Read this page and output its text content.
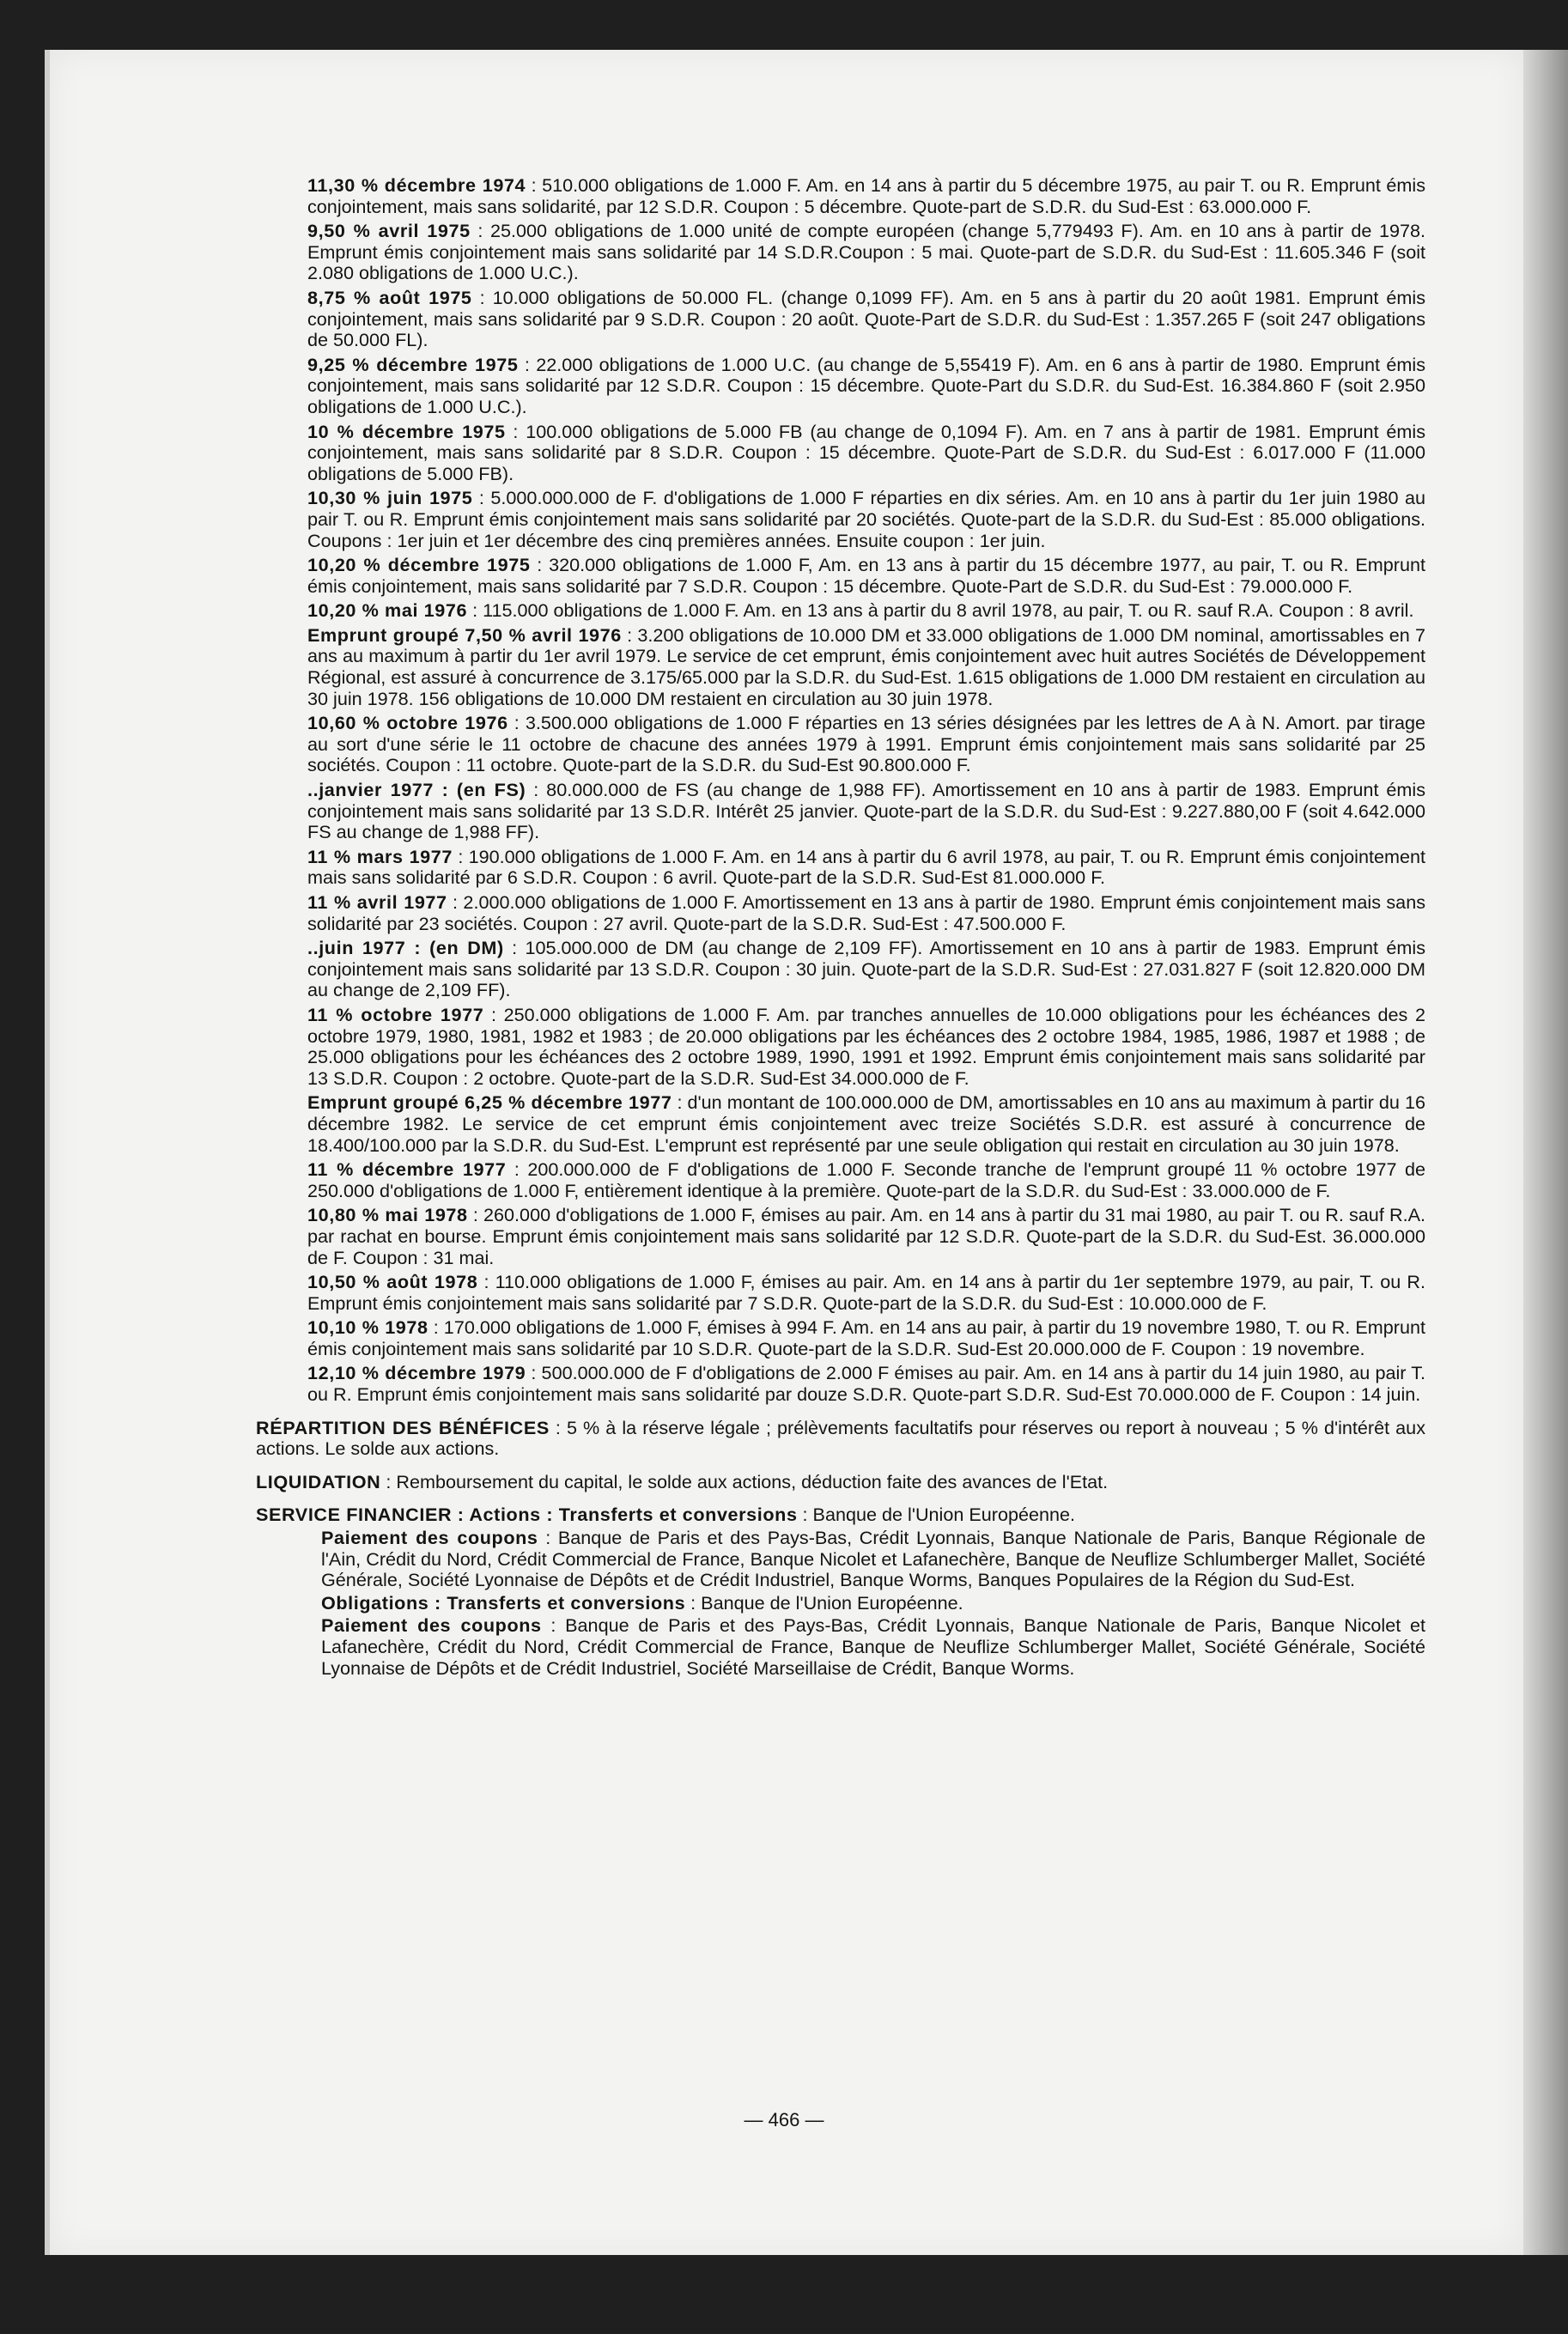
11,30 % décembre 1974 : 510.000 obligations de 1.000 F. Am. en 14 ans à partir du 5 décembre 1975, au pair T. ou R. Emprunt émis conjointement, mais sans solidarité, par 12 S.D.R. Coupon : 5 décembre. Quote-part de S.D.R. du Sud-Est : 63.000.000 F.
9,50 % avril 1975 : 25.000 obligations de 1.000 unité de compte européen (change 5,779493 F). Am. en 10 ans à partir de 1978. Emprunt émis conjointement mais sans solidarité par 14 S.D.R.Coupon : 5 mai. Quote-part de S.D.R. du Sud-Est : 11.605.346 F (soit 2.080 obligations de 1.000 U.C.).
8,75 % août 1975 : 10.000 obligations de 50.000 FL. (change 0,1099 FF). Am. en 5 ans à partir du 20 août 1981. Emprunt émis conjointement, mais sans solidarité par 9 S.D.R. Coupon : 20 août. Quote-Part de S.D.R. du Sud-Est : 1.357.265 F (soit 247 obligations de 50.000 FL).
9,25 % décembre 1975 : 22.000 obligations de 1.000 U.C. (au change de 5,55419 F). Am. en 6 ans à partir de 1980. Emprunt émis conjointement, mais sans solidarité par 12 S.D.R. Coupon : 15 décembre. Quote-Part du S.D.R. du Sud-Est. 16.384.860 F (soit 2.950 obligations de 1.000 U.C.).
10 % décembre 1975 : 100.000 obligations de 5.000 FB (au change de 0,1094 F). Am. en 7 ans à partir de 1981. Emprunt émis conjointement, mais sans solidarité par 8 S.D.R. Coupon : 15 décembre. Quote-Part de S.D.R. du Sud-Est : 6.017.000 F (11.000 obligations de 5.000 FB).
10,30 % juin 1975 : 5.000.000.000 de F. d'obligations de 1.000 F réparties en dix séries. Am. en 10 ans à partir du 1er juin 1980 au pair T. ou R. Emprunt émis conjointement mais sans solidarité par 20 sociétés. Quote-part de la S.D.R. du Sud-Est : 85.000 obligations. Coupons : 1er juin et 1er décembre des cinq premières années. Ensuite coupon : 1er juin.
10,20 % décembre 1975 : 320.000 obligations de 1.000 F, Am. en 13 ans à partir du 15 décembre 1977, au pair, T. ou R. Emprunt émis conjointement, mais sans solidarité par 7 S.D.R. Coupon : 15 décembre. Quote-Part de S.D.R. du Sud-Est : 79.000.000 F.
10,20 % mai 1976 : 115.000 obligations de 1.000 F. Am. en 13 ans à partir du 8 avril 1978, au pair, T. ou R. sauf R.A. Coupon : 8 avril.
Emprunt groupé 7,50 % avril 1976 : 3.200 obligations de 10.000 DM et 33.000 obligations de 1.000 DM nominal, amortissables en 7 ans au maximum à partir du 1er avril 1979. Le service de cet emprunt, émis conjointement avec huit autres Sociétés de Développement Régional, est assuré à concurrence de 3.175/65.000 par la S.D.R. du Sud-Est. 1.615 obligations de 1.000 DM restaient en circulation au 30 juin 1978. 156 obligations de 10.000 DM restaient en circulation au 30 juin 1978.
10,60 % octobre 1976 : 3.500.000 obligations de 1.000 F réparties en 13 séries désignées par les lettres de A à N. Amort. par tirage au sort d'une série le 11 octobre de chacune des années 1979 à 1991. Emprunt émis conjointement mais sans solidarité par 25 sociétés. Coupon : 11 octobre. Quote-part de la S.D.R. du Sud-Est 90.800.000 F.
..janvier 1977 : (en FS) : 80.000.000 de FS (au change de 1,988 FF). Amortissement en 10 ans à partir de 1983. Emprunt émis conjointement mais sans solidarité par 13 S.D.R. Intérêt 25 janvier. Quote-part de la S.D.R. du Sud-Est : 9.227.880,00 F (soit 4.642.000 FS au change de 1,988 FF).
11 % mars 1977 : 190.000 obligations de 1.000 F. Am. en 14 ans à partir du 6 avril 1978, au pair, T. ou R. Emprunt émis conjointement mais sans solidarité par 6 S.D.R. Coupon : 6 avril. Quote-part de la S.D.R. Sud-Est 81.000.000 F.
11 % avril 1977 : 2.000.000 obligations de 1.000 F. Amortissement en 13 ans à partir de 1980. Emprunt émis conjointement mais sans solidarité par 23 sociétés. Coupon : 27 avril. Quote-part de la S.D.R. Sud-Est : 47.500.000 F.
..juin 1977 : (en DM) : 105.000.000 de DM (au change de 2,109 FF). Amortissement en 10 ans à partir de 1983. Emprunt émis conjointement mais sans solidarité par 13 S.D.R. Coupon : 30 juin. Quote-part de la S.D.R. Sud-Est : 27.031.827 F (soit 12.820.000 DM au change de 2,109 FF).
11 % octobre 1977 : 250.000 obligations de 1.000 F. Am. par tranches annuelles de 10.000 obligations pour les échéances des 2 octobre 1979, 1980, 1981, 1982 et 1983 ; de 20.000 obligations par les échéances des 2 octobre 1984, 1985, 1986, 1987 et 1988 ; de 25.000 obligations pour les échéances des 2 octobre 1989, 1990, 1991 et 1992. Emprunt émis conjointement mais sans solidarité par 13 S.D.R. Coupon : 2 octobre. Quote-part de la S.D.R. Sud-Est 34.000.000 de F.
Emprunt groupé 6,25 % décembre 1977 : d'un montant de 100.000.000 de DM, amortissables en 10 ans au maximum à partir du 16 décembre 1982. Le service de cet emprunt émis conjointement avec treize Sociétés S.D.R. est assuré à concurrence de 18.400/100.000 par la S.D.R. du Sud-Est. L'emprunt est représenté par une seule obligation qui restait en circulation au 30 juin 1978.
11 % décembre 1977 : 200.000.000 de F d'obligations de 1.000 F. Seconde tranche de l'emprunt groupé 11 % octobre 1977 de 250.000 d'obligations de 1.000 F, entièrement identique à la première. Quote-part de la S.D.R. du Sud-Est : 33.000.000 de F.
10,80 % mai 1978 : 260.000 d'obligations de 1.000 F, émises au pair. Am. en 14 ans à partir du 31 mai 1980, au pair T. ou R. sauf R.A. par rachat en bourse. Emprunt émis conjointement mais sans solidarité par 12 S.D.R. Quote-part de la S.D.R. du Sud-Est. 36.000.000 de F. Coupon : 31 mai.
10,50 % août 1978 : 110.000 obligations de 1.000 F, émises au pair. Am. en 14 ans à partir du 1er septembre 1979, au pair, T. ou R. Emprunt émis conjointement mais sans solidarité par 7 S.D.R. Quote-part de la S.D.R. du Sud-Est : 10.000.000 de F.
10,10 % 1978 : 170.000 obligations de 1.000 F, émises à 994 F. Am. en 14 ans au pair, à partir du 19 novembre 1980, T. ou R. Emprunt émis conjointement mais sans solidarité par 10 S.D.R. Quote-part de la S.D.R. Sud-Est 20.000.000 de F. Coupon : 19 novembre.
12,10 % décembre 1979 : 500.000.000 de F d'obligations de 2.000 F émises au pair. Am. en 14 ans à partir du 14 juin 1980, au pair T. ou R. Emprunt émis conjointement mais sans solidarité par douze S.D.R. Quote-part S.D.R. Sud-Est 70.000.000 de F. Coupon : 14 juin.
RÉPARTITION DES BÉNÉFICES : 5 % à la réserve légale ; prélèvements facultatifs pour réserves ou report à nouveau ; 5 % d'intérêt aux actions. Le solde aux actions.
LIQUIDATION : Remboursement du capital, le solde aux actions, déduction faite des avances de l'Etat.
SERVICE FINANCIER : Actions : Transferts et conversions : Banque de l'Union Européenne.
Paiement des coupons : Banque de Paris et des Pays-Bas, Crédit Lyonnais, Banque Nationale de Paris, Banque Régionale de l'Ain, Crédit du Nord, Crédit Commercial de France, Banque Nicolet et Lafanechère, Banque de Neuflize Schlumberger Mallet, Société Générale, Société Lyonnaise de Dépôts et de Crédit Industriel, Banque Worms, Banques Populaires de la Région du Sud-Est.
Obligations : Transferts et conversions : Banque de l'Union Européenne.
Paiement des coupons : Banque de Paris et des Pays-Bas, Crédit Lyonnais, Banque Nationale de Paris, Banque Nicolet et Lafanechère, Crédit du Nord, Crédit Commercial de France, Banque de Neuflize Schlumberger Mallet, Société Générale, Société Lyonnaise de Dépôts et de Crédit Industriel, Société Marseillaise de Crédit, Banque Worms.
— 466 —
